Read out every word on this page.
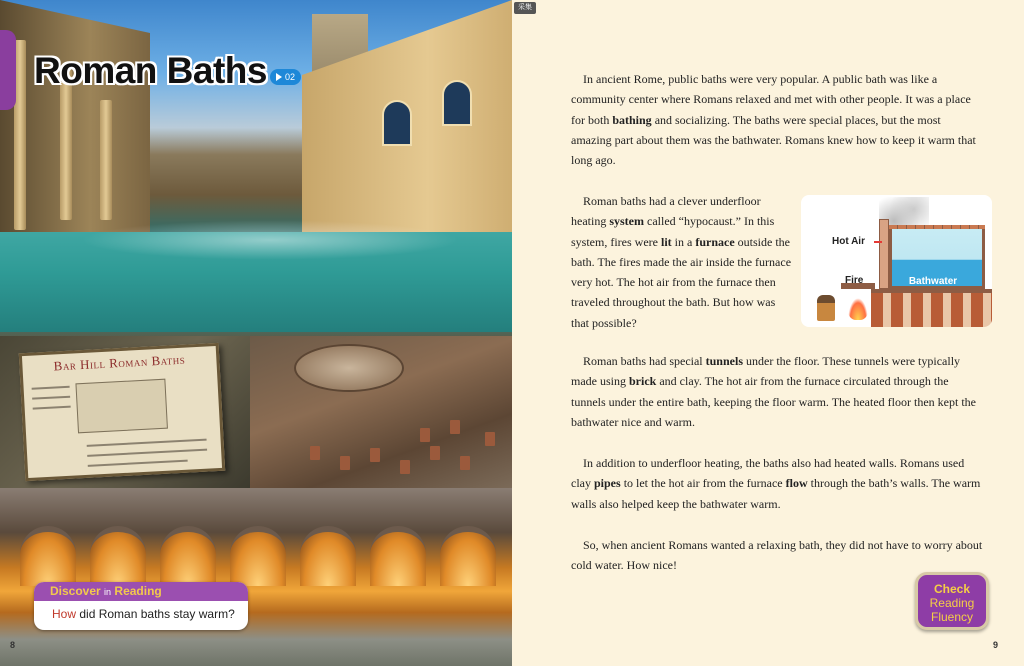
Bar Hill Roman Baths
Roman Baths 02
Discover in Reading
How did Roman baths stay warm?
8
采集

In ancient Rome, public baths were very popular. A public bath was like a community center where Romans relaxed and met with other people. It was a place for both bathing and socializing. The baths were special places, but the most amazing part about them was the bathwater. Romans knew how to keep it warm that long ago.

Roman baths had a clever underfloor heating system called “hypocaust.” In this system, fires were lit in a furnace outside the bath. The fires made the air inside the furnace very hot. The hot air from the furnace then traveled throughout the bath. But how was that possible?

Roman baths had special tunnels under the floor. These tunnels were typically made using brick and clay. The hot air from the furnace circulated through the tunnels under the entire bath, keeping the floor warm. The heated floor then kept the bathwater nice and warm.

In addition to underfloor heating, the baths also had heated walls. Romans used clay pipes to let the hot air from the furnace flow through the bath’s walls. The warm walls also helped keep the bathwater warm.

So, when ancient Romans wanted a relaxing bath, they did not have to worry about cold water. How nice!

Hot Air
Fire	Bathwater
Check
Reading
Fluency
9
